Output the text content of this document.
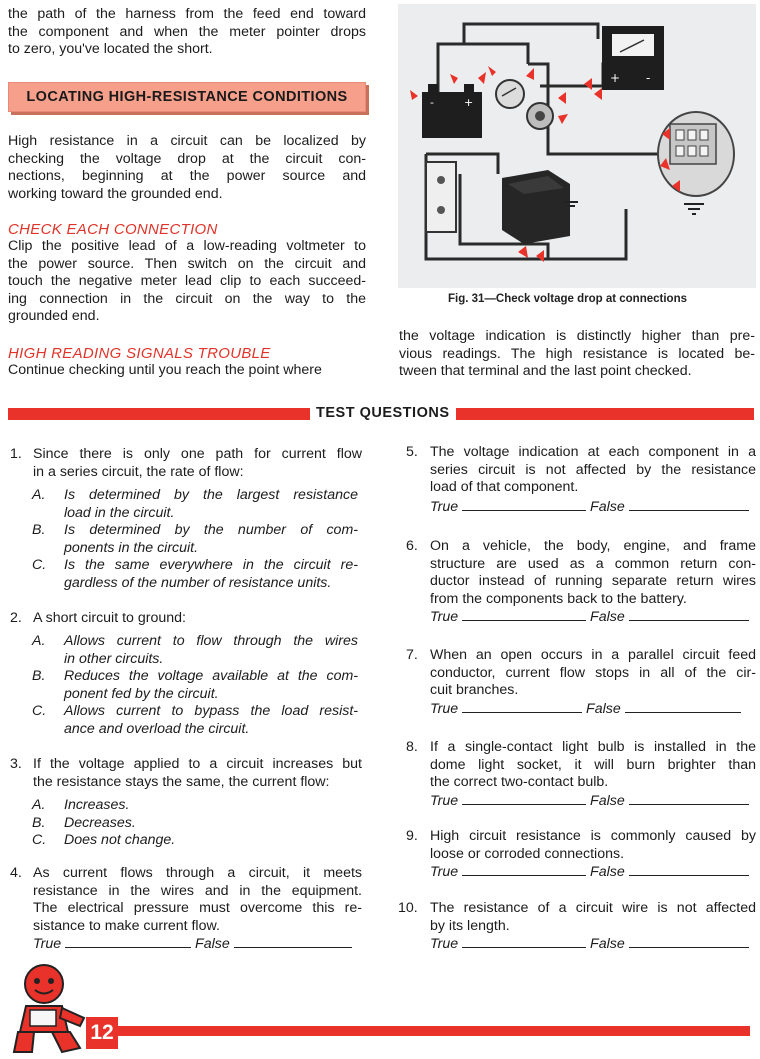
the path of the harness from the feed end toward

the component and when the meter pointer drops

to zero, you've located the short.

LOCATING HIGH-RESISTANCE CONDITIONS

High resistance in a circuit can be localized by

checking the voltage drop at the circuit con-

nections, beginning at the power source and

working toward the grounded end.

CHECK EACH CONNECTION

Clip the positive lead of a low-reading voltmeter to

the power source. Then switch on the circuit and

touch the negative meter lead clip to each succeed-

ing connection in the circuit on the way to the

grounded end.

HIGH READING SIGNALS TROUBLE

Continue checking until you reach the point where

the voltage indication is distinctly higher than pre-

vious readings. The high resistance is located be-

tween that terminal and the last point checked.

-	+
+ -
Fig. 31—Check voltage drop at connections
TEST QUESTIONS
1. Since there is only one path for current flow
in a series circuit, the rate of flow:
A. Is determined by the largest resistance
load in the circuit.
B. Is determined by the number of com-
ponents in the circuit.
C. Is the same everywhere in the circuit re-
gardless of the number of resistance units.
2. A short circuit to ground:
A. Allows current to flow through the wires
in other circuits.
B. Reduces the voltage available at the com-
ponent fed by the circuit.
C. Allows current to bypass the load resist-
ance and overload the circuit.
3. If the voltage applied to a circuit increases but
the resistance stays the same, the current flow:
A. Increases.
B. Decreases.
C. Does not change.
4. As current flows through a circuit, it meets
resistance in the wires and in the equipment.
The electrical pressure must overcome this re-
sistance to make current flow.
True	False
5. The voltage indication at each component in a
series circuit is not affected by the resistance
load of that component.
True	False
6. On a vehicle, the body, engine, and frame
structure are used as a common return con-
ductor instead of running separate return wires
from the components back to the battery.
True	False
7. When an open occurs in a parallel circuit feed
conductor, current flow stops in all of the cir-
cuit branches.
True	False
8. If a single-contact light bulb is installed in the
dome light socket, it will burn brighter than
the correct two-contact bulb.
True	False
9. High circuit resistance is commonly caused by
loose or corroded connections.
True	False
10. The resistance of a circuit wire is not affected
by its length.
True	False
12
